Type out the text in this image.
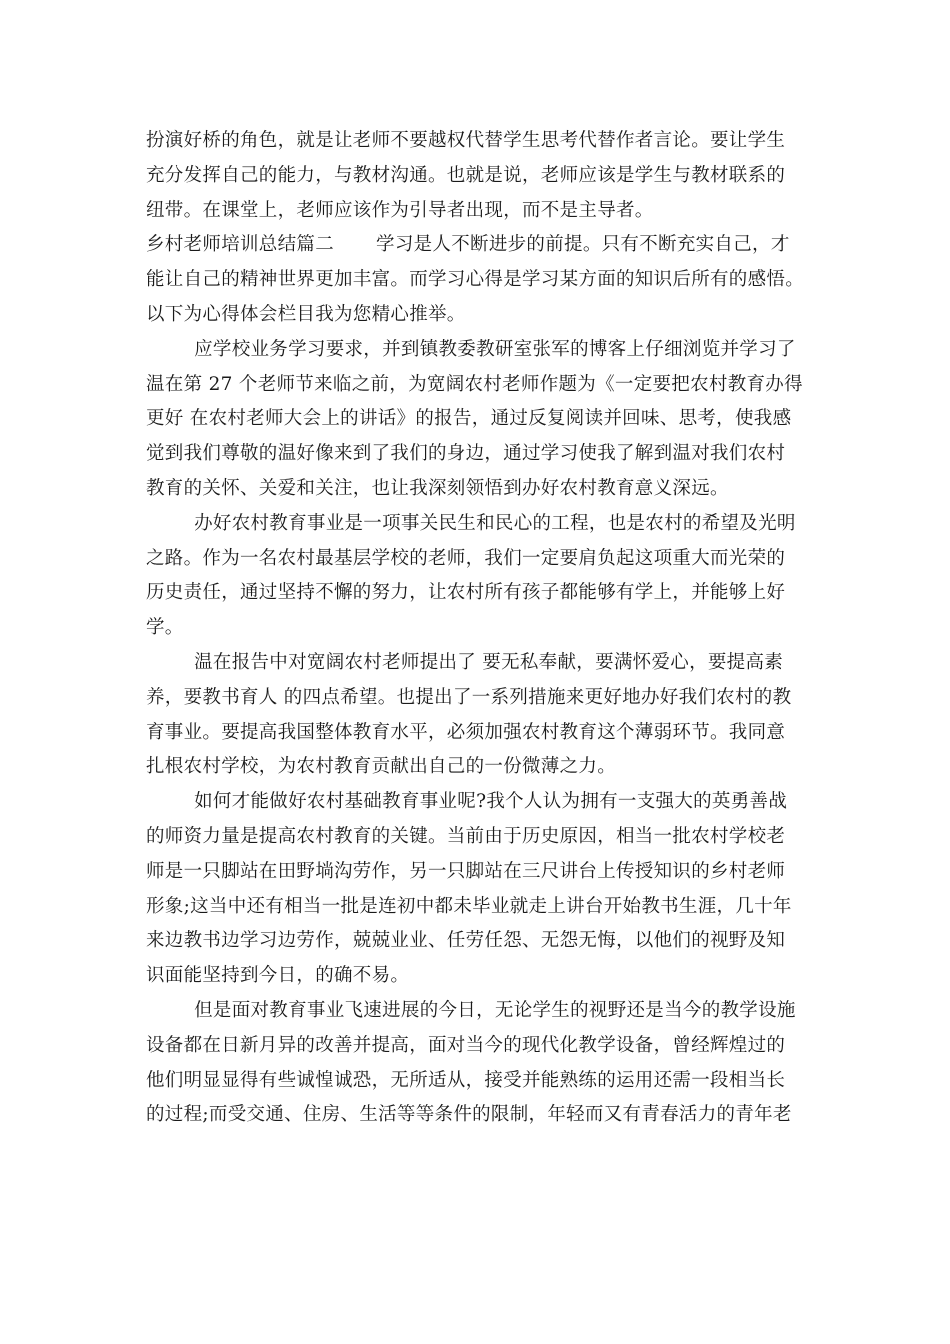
扮演好桥的角色，就是让老师不要越权代替学生思考代替作者言论。要让学生
充分发挥自己的能力，与教材沟通。也就是说，老师应该是学生与教材联系的
纽带。在课堂上，老师应该作为引导者出现，而不是主导者。
乡村老师培训总结篇二 学习是人不断进步的前提。只有不断充实自己，才
能让自己的精神世界更加丰富。而学习心得是学习某方面的知识后所有的感悟。
以下为心得体会栏目我为您精心推举。
应学校业务学习要求，并到镇教委教研室张军的博客上仔细浏览并学习了
温在第 27 个老师节来临之前，为宽阔农村老师作题为《一定要把农村教育办得
更好 在农村老师大会上的讲话》的报告，通过反复阅读并回味、思考，使我感
觉到我们尊敬的温好像来到了我们的身边，通过学习使我了解到温对我们农村
教育的关怀、关爱和关注，也让我深刻领悟到办好农村教育意义深远。
办好农村教育事业是一项事关民生和民心的工程，也是农村的希望及光明
之路。作为一名农村最基层学校的老师，我们一定要肩负起这项重大而光荣的
历史责任，通过坚持不懈的努力，让农村所有孩子都能够有学上，并能够上好
学。
温在报告中对宽阔农村老师提出了 要无私奉献，要满怀爱心，要提高素
养，要教书育人 的四点希望。也提出了一系列措施来更好地办好我们农村的教
育事业。要提高我国整体教育水平，必须加强农村教育这个薄弱环节。我同意
扎根农村学校，为农村教育贡献出自己的一份微薄之力。
如何才能做好农村基础教育事业呢?我个人认为拥有一支强大的英勇善战
的师资力量是提高农村教育的关键。当前由于历史原因，相当一批农村学校老
师是一只脚站在田野埫沟劳作，另一只脚站在三尺讲台上传授知识的乡村老师
形象;这当中还有相当一批是连初中都未毕业就走上讲台开始教书生涯，几十年
来边教书边学习边劳作，兢兢业业、任劳任怨、无怨无悔，以他们的视野及知
识面能坚持到今日，的确不易。
但是面对教育事业飞速进展的今日，无论学生的视野还是当今的教学设施
设备都在日新月异的改善并提高，面对当今的现代化教学设备，曾经辉煌过的
他们明显显得有些诚惶诚恐，无所适从，接受并能熟练的运用还需一段相当长
的过程;而受交通、住房、生活等等条件的限制，年轻而又有青春活力的青年老
